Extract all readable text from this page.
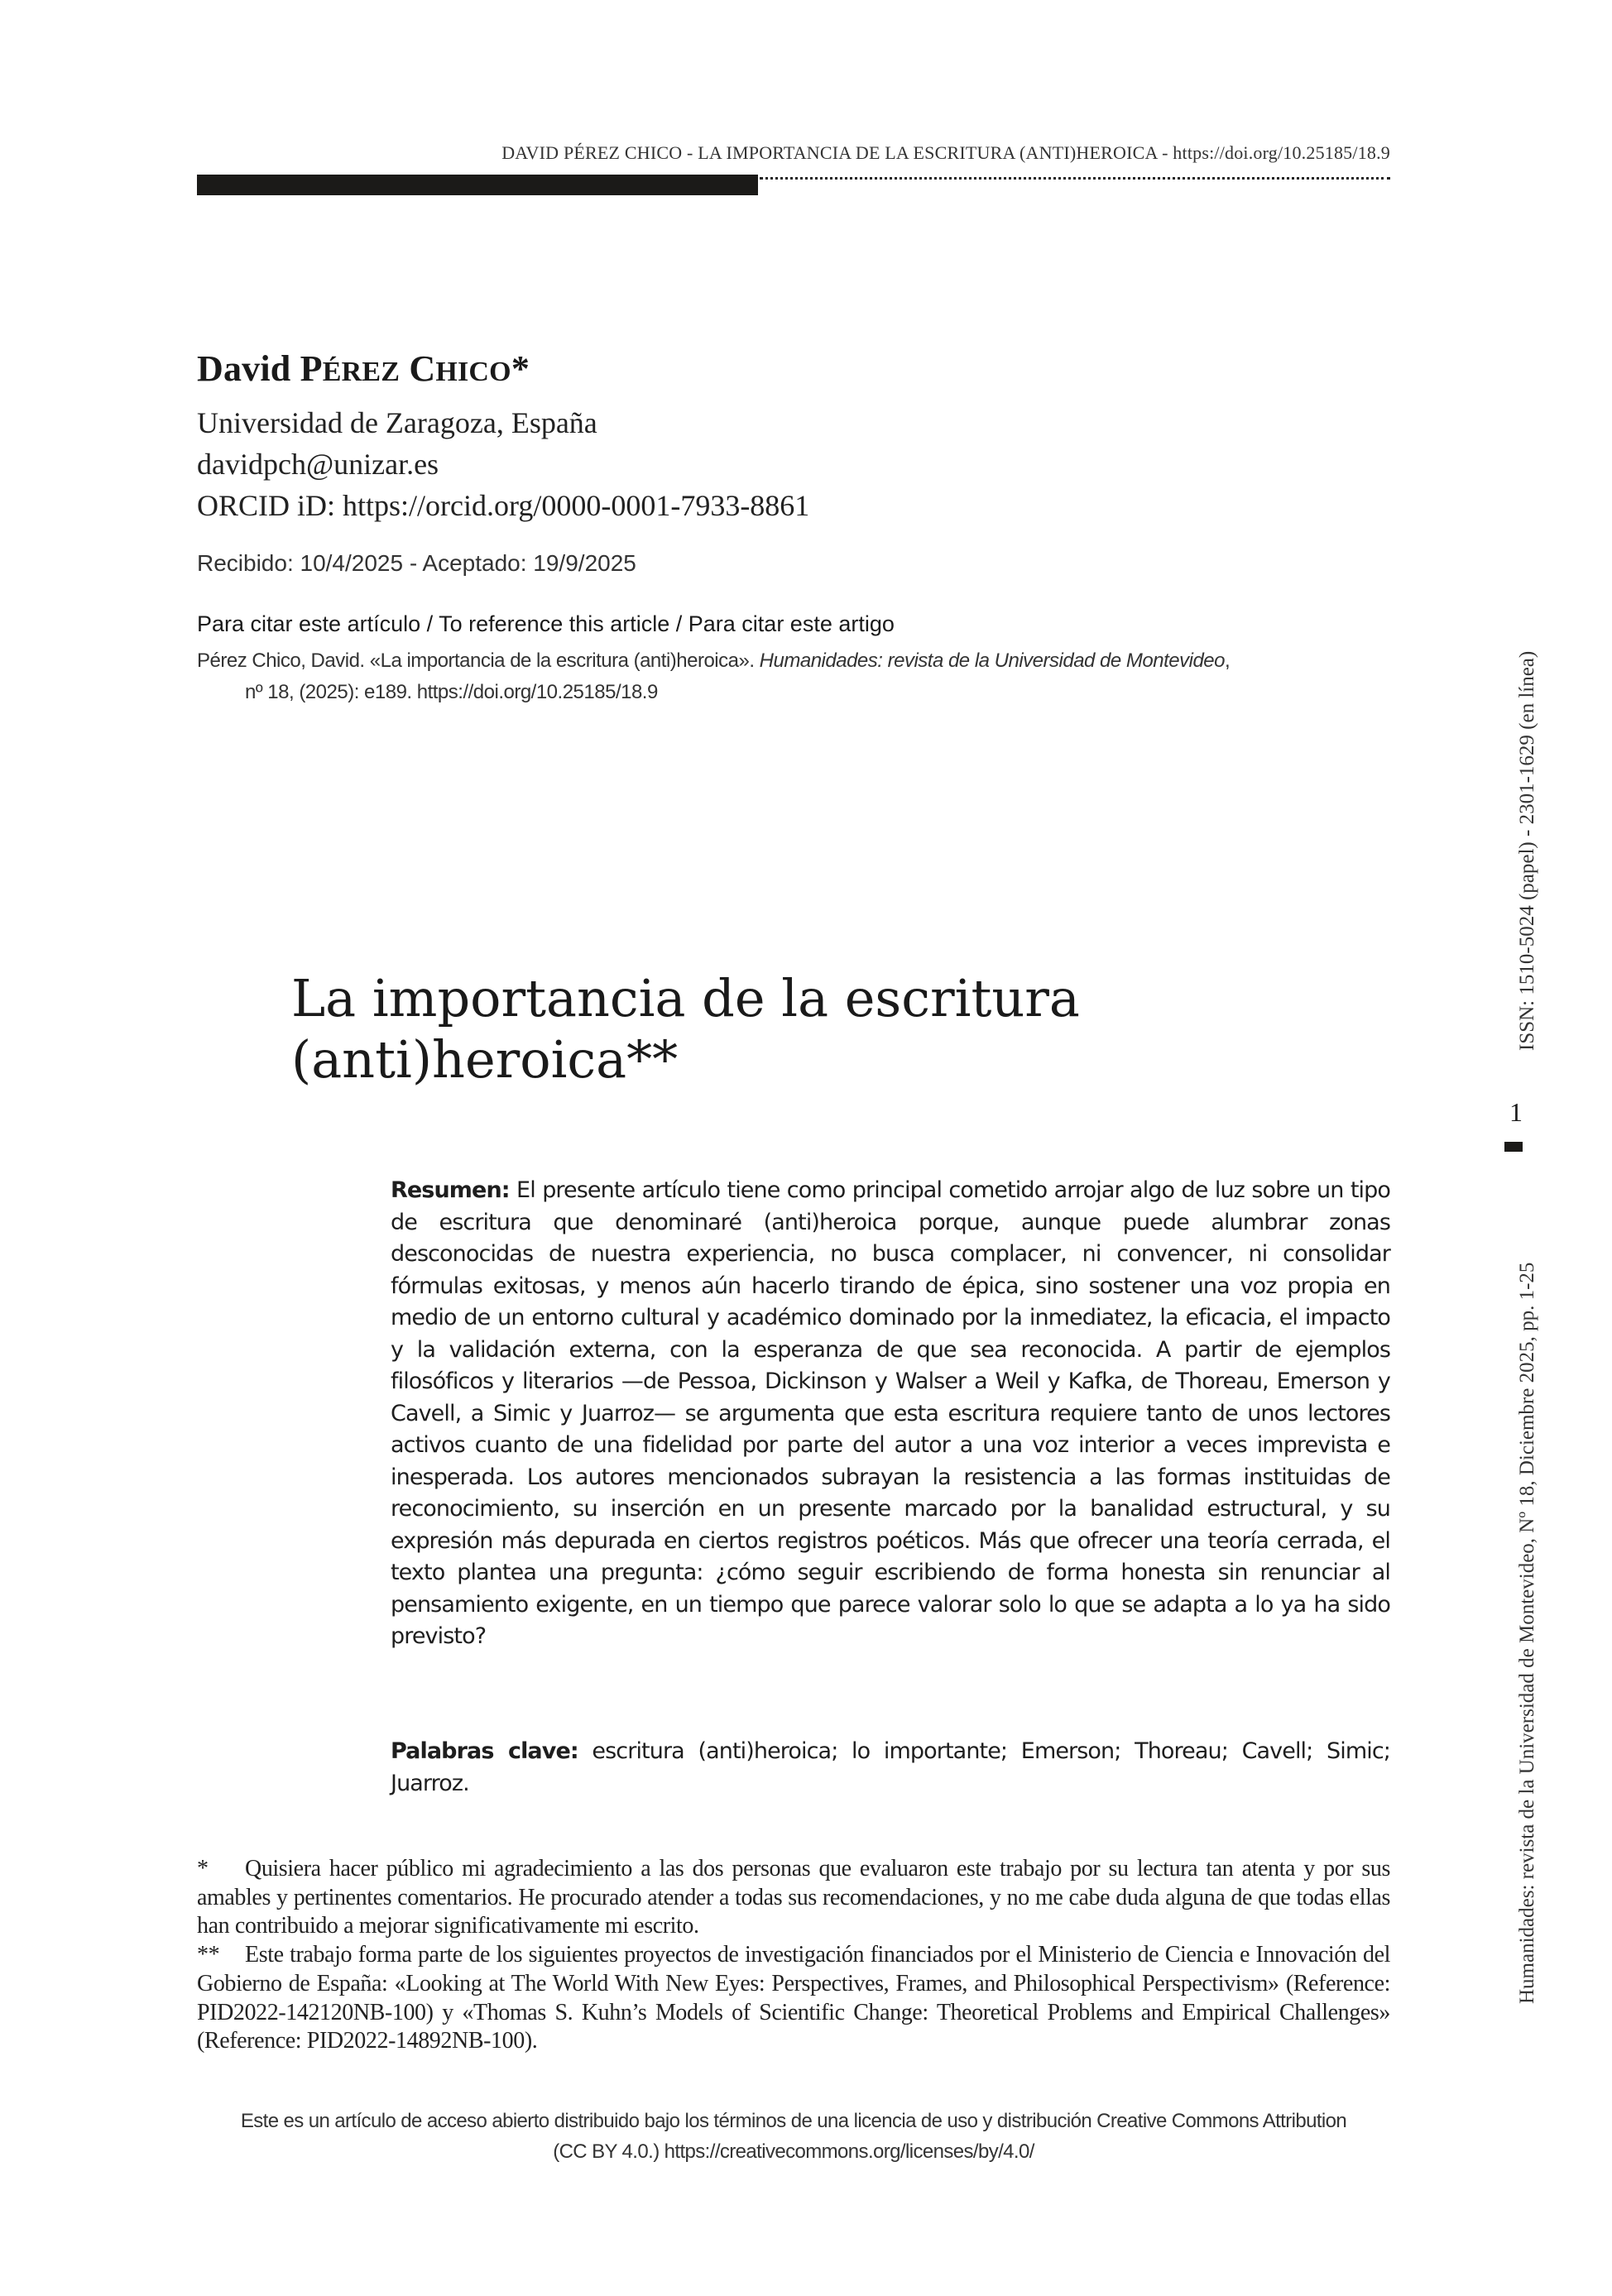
DAVID PÉREZ CHICO - LA IMPORTANCIA DE LA ESCRITURA (ANTI)HEROICA - https://doi.org/10.25185/18.9
David PÉREZ CHICO*
Universidad de Zaragoza, España
davidpch@unizar.es
ORCID iD: https://orcid.org/0000-0001-7933-8861
Recibido: 10/4/2025 - Aceptado: 19/9/2025
Para citar este artículo / To reference this article / Para citar este artigo
Pérez Chico, David. «La importancia de la escritura (anti)heroica». Humanidades: revista de la Universidad de Montevideo,
nº 18, (2025): e189. https://doi.org/10.25185/18.9
La importancia de la escritura
(anti)heroica**
Resumen: El presente artículo tiene como principal cometido arrojar algo de luz sobre un tipo de escritura que denominaré (anti)heroica porque, aunque puede alumbrar zonas desconocidas de nuestra experiencia, no busca complacer, ni convencer, ni consolidar fórmulas exitosas, y menos aún hacerlo tirando de épica, sino sostener una voz propia en medio de un entorno cultural y académico dominado por la inmediatez, la eficacia, el impacto y la validación externa, con la esperanza de que sea reconocida. A partir de ejemplos filosóficos y literarios —de Pessoa, Dickinson y Walser a Weil y Kafka, de Thoreau, Emerson y Cavell, a Simic y Juarroz— se argumenta que esta escritura requiere tanto de unos lectores activos cuanto de una fidelidad por parte del autor a una voz interior a veces imprevista e inesperada. Los autores mencionados subrayan la resistencia a las formas instituidas de reconocimiento, su inserción en un presente marcado por la banalidad estructural, y su expresión más depurada en ciertos registros poéticos. Más que ofrecer una teoría cerrada, el texto plantea una pregunta: ¿cómo seguir escribiendo de forma honesta sin renunciar al pensamiento exigente, en un tiempo que parece valorar solo lo que se adapta a lo ya ha sido previsto?
Palabras clave: escritura (anti)heroica; lo importante; Emerson; Thoreau; Cavell; Simic; Juarroz.

* Quisiera hacer público mi agradecimiento a las dos personas que evaluaron este trabajo por su lectura tan atenta y por sus amables y pertinentes comentarios. He procurado atender a todas sus recomendaciones, y no me cabe duda alguna de que todas ellas han contribuido a mejorar significativamente mi escrito.

** Este trabajo forma parte de los siguientes proyectos de investigación financiados por el Ministerio de Ciencia e Innovación del Gobierno de España: «Looking at The World With New Eyes: Perspectives, Frames, and Philosophical Perspectivism» (Reference: PID2022-142120NB-100) y «Thomas S. Kuhn’s Models of Scientific Change: Theoretical Problems and Empirical Challenges» (Reference: PID2022-14892NB-100).

Este es un artículo de acceso abierto distribuido bajo los términos de una licencia de uso y distribución Creative Commons Attribution
(CC BY 4.0.) https://creativecommons.org/licenses/by/4.0/
ISSN: 1510-5024 (papel) - 2301-1629 (en línea)
1
Humanidades: revista de la Universidad de Montevideo, Nº 18, Diciembre 2025, pp. 1-25
